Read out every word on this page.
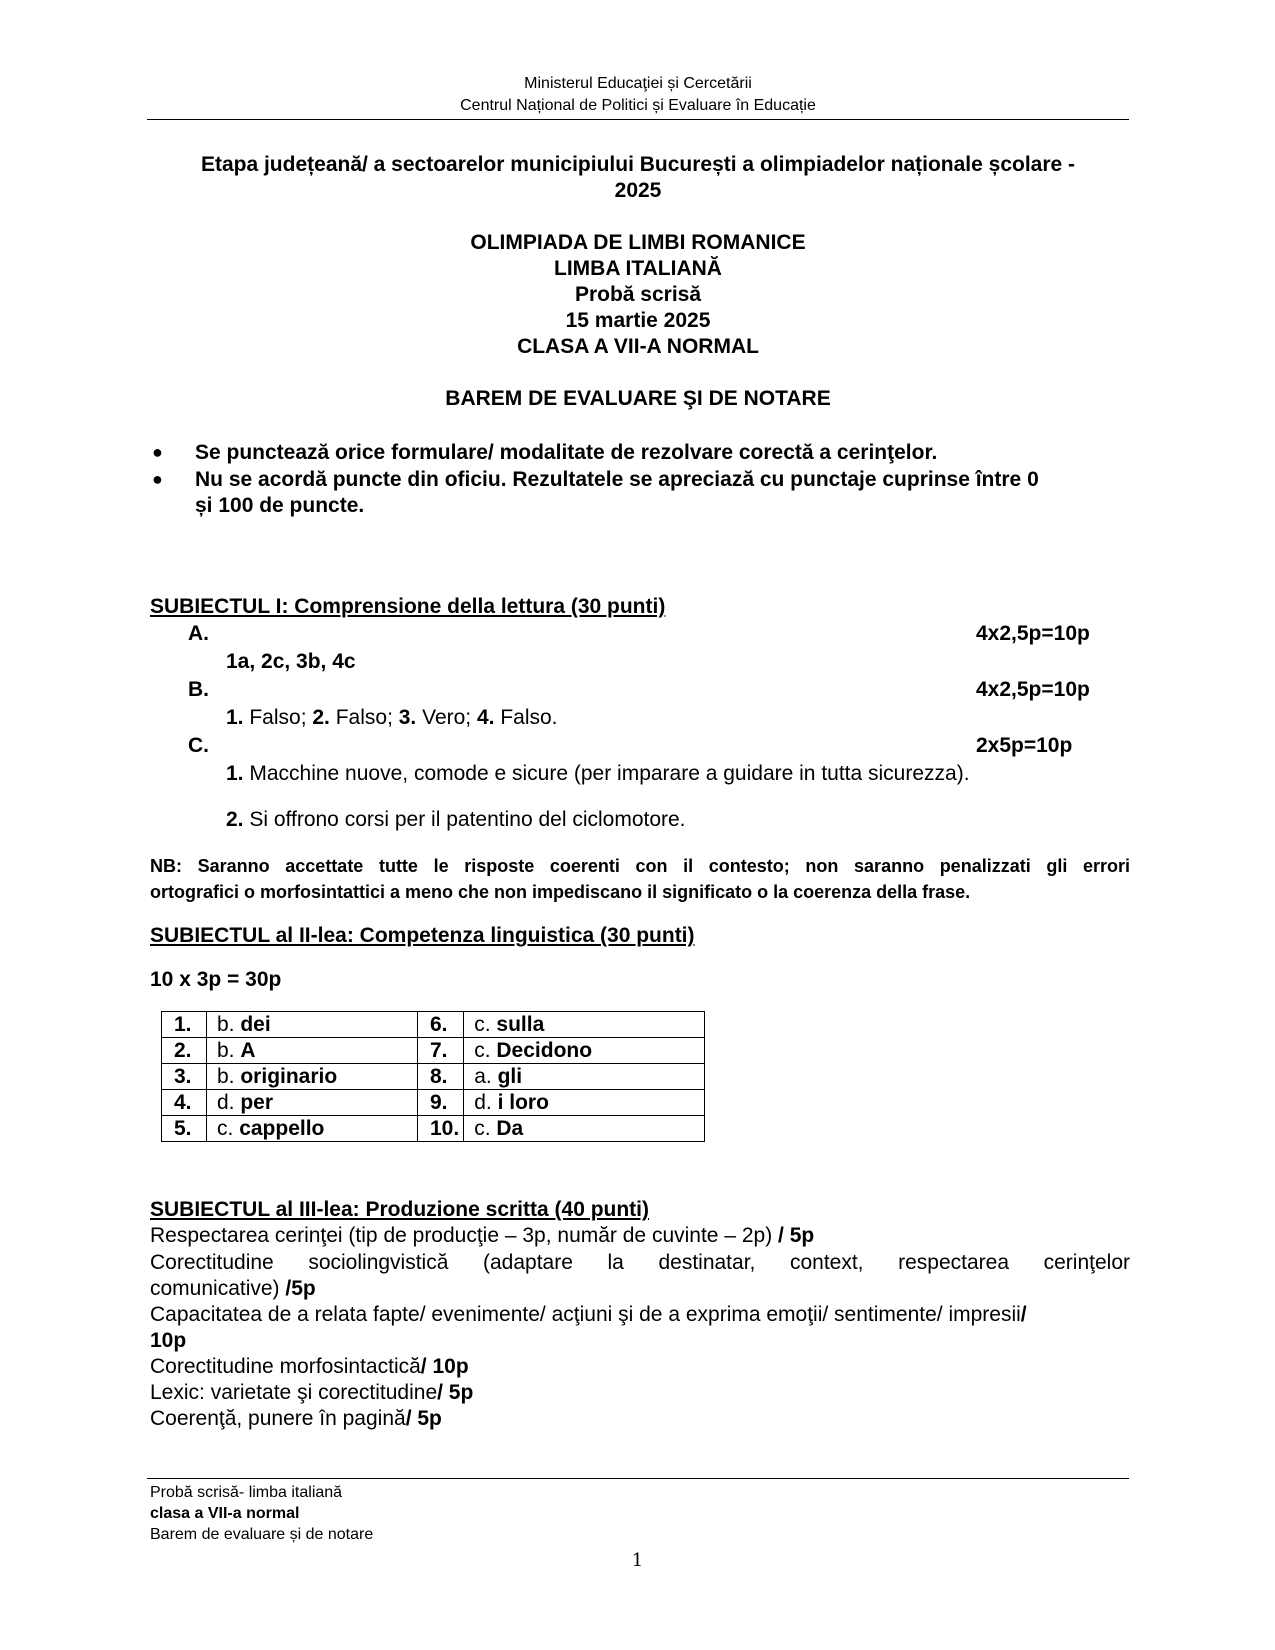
Ministerul Educaţiei și Cercetării
Centrul Național de Politici și Evaluare în Educație
Etapa județeană/ a sectoarelor municipiului București a olimpiadelor naționale școlare -
2025
OLIMPIADA DE LIMBI ROMANICE
LIMBA ITALIANĂ
Probă scrisă
15 martie 2025
CLASA A VII-A NORMAL
BAREM DE EVALUARE ŞI DE NOTARE
● Se punctează orice formulare/ modalitate de rezolvare corectă a cerinţelor.
● Nu se acordă puncte din oficiu. Rezultatele se apreciază cu punctaje cuprinse între 0
și 100 de puncte.
SUBIECTUL I: Comprensione della lettura (30 punti)
A.	4x2,5p=10p
1a, 2c, 3b, 4c
B.	4x2,5p=10p
1. Falso; 2. Falso; 3. Vero; 4. Falso.
C.	2x5p=10p
1. Macchine nuove, comode e sicure (per imparare a guidare in tutta sicurezza).
2. Si offrono corsi per il patentino del ciclomotore.
NB: Saranno accettate tutte le risposte coerenti con il contesto; non saranno penalizzati gli errori
ortografici o morfosintattici a meno che non impediscano il significato o la coerenza della frase.
SUBIECTUL al II-lea: Competenza linguistica (30 punti)
10 x 3p = 30p
1.	b. dei	6.	c. sulla
2.	b. A	7.	c. Decidono
3.	b. originario	8.	a. gli
4.	d. per	9.	d. i loro
5.	c. cappello	10.	c. Da
SUBIECTUL al III-lea: Produzione scritta (40 punti)
Respectarea cerinţei (tip de producţie – 3p, număr de cuvinte – 2p) / 5p
Corectitudine sociolingvistică (adaptare la destinatar, context, respectarea cerinţelor
comunicative) /5p
Capacitatea de a relata fapte/ evenimente/ acţiuni şi de a exprima emoţii/ sentimente/ impresii/
10p
Corectitudine morfosintactică/ 10p
Lexic: varietate şi corectitudine/ 5p
Coerenţă, punere în pagină/ 5p
Probă scrisă- limba italiană
clasa a VII-a normal
Barem de evaluare și de notare
1
